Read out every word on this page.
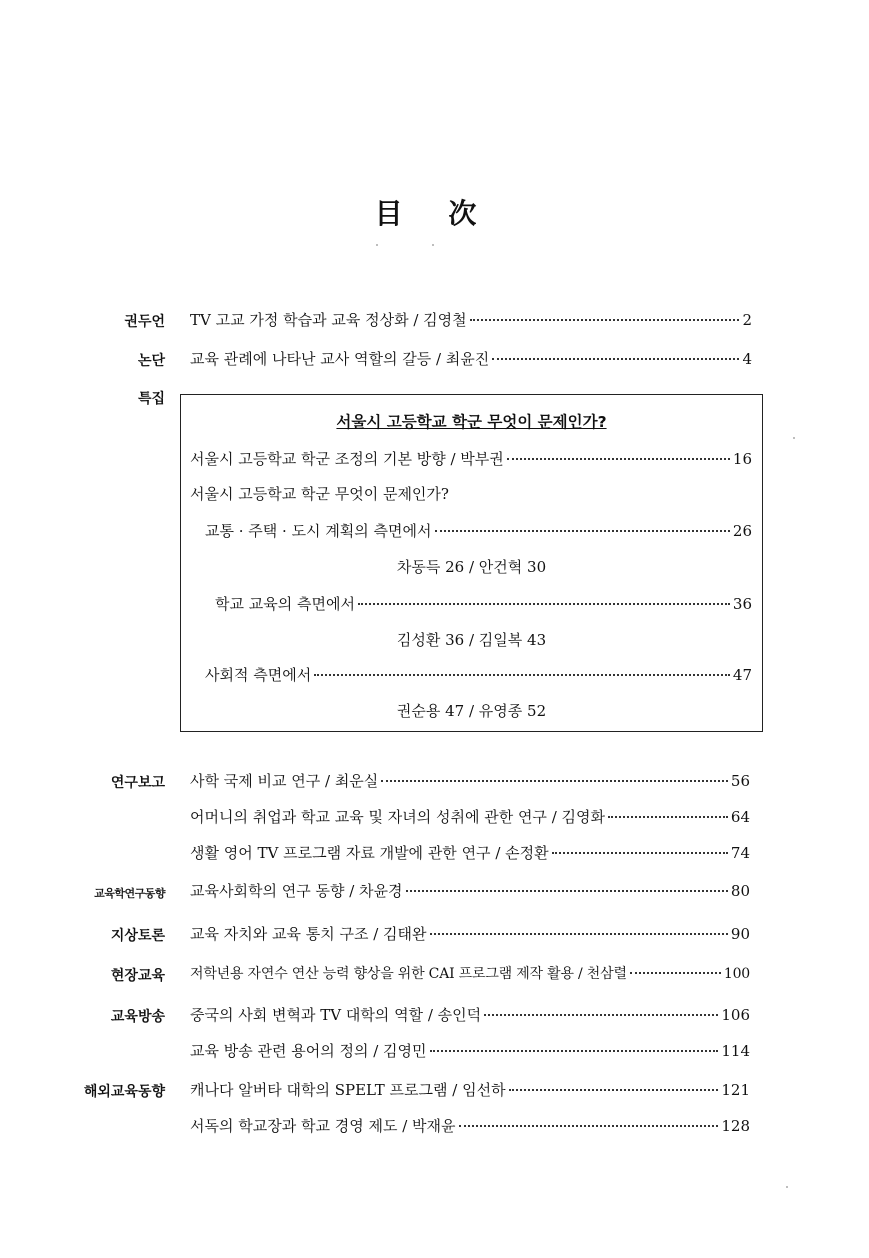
目 次
권두언 TV 고교 가정 학습과 교육 정상화 / 김영철	2
논단 교육 관례에 나타난 교사 역할의 갈등 / 최윤진	4
특집
서울시 고등학교 학군 무엇이 문제인가?
서울시 고등학교 학군 조정의 기본 방향 / 박부권	16
서울시 고등학교 학군 무엇이 문제인가?
교통 · 주택 · 도시 계획의 측면에서	26
차동득 26 / 안건혁 30
학교 교육의 측면에서	36
김성환 36 / 김일복 43
사회적 측면에서	47
권순용 47 / 유영종 52
연구보고 사학 국제 비교 연구 / 최운실	56
어머니의 취업과 학교 교육 및 자녀의 성취에 관한 연구 / 김영화	64
생활 영어 TV 프로그램 자료 개발에 관한 연구 / 손정환	74
교육학연구동향 교육사회학의 연구 동향 / 차윤경	80
지상토론 교육 자치와 교육 통치 구조 / 김태완	90
현장교육 저학년용 자연수 연산 능력 향상을 위한 CAI 프로그램 제작 활용 / 천삼렬	100
교육방송 중국의 사회 변혁과 TV 대학의 역할 / 송인덕	106
교육 방송 관련 용어의 정의 / 김영민	114
해외교육동향 캐나다 알버타 대학의 SPELT 프로그램 / 임선하	121
서독의 학교장과 학교 경영 제도 / 박재윤	128
